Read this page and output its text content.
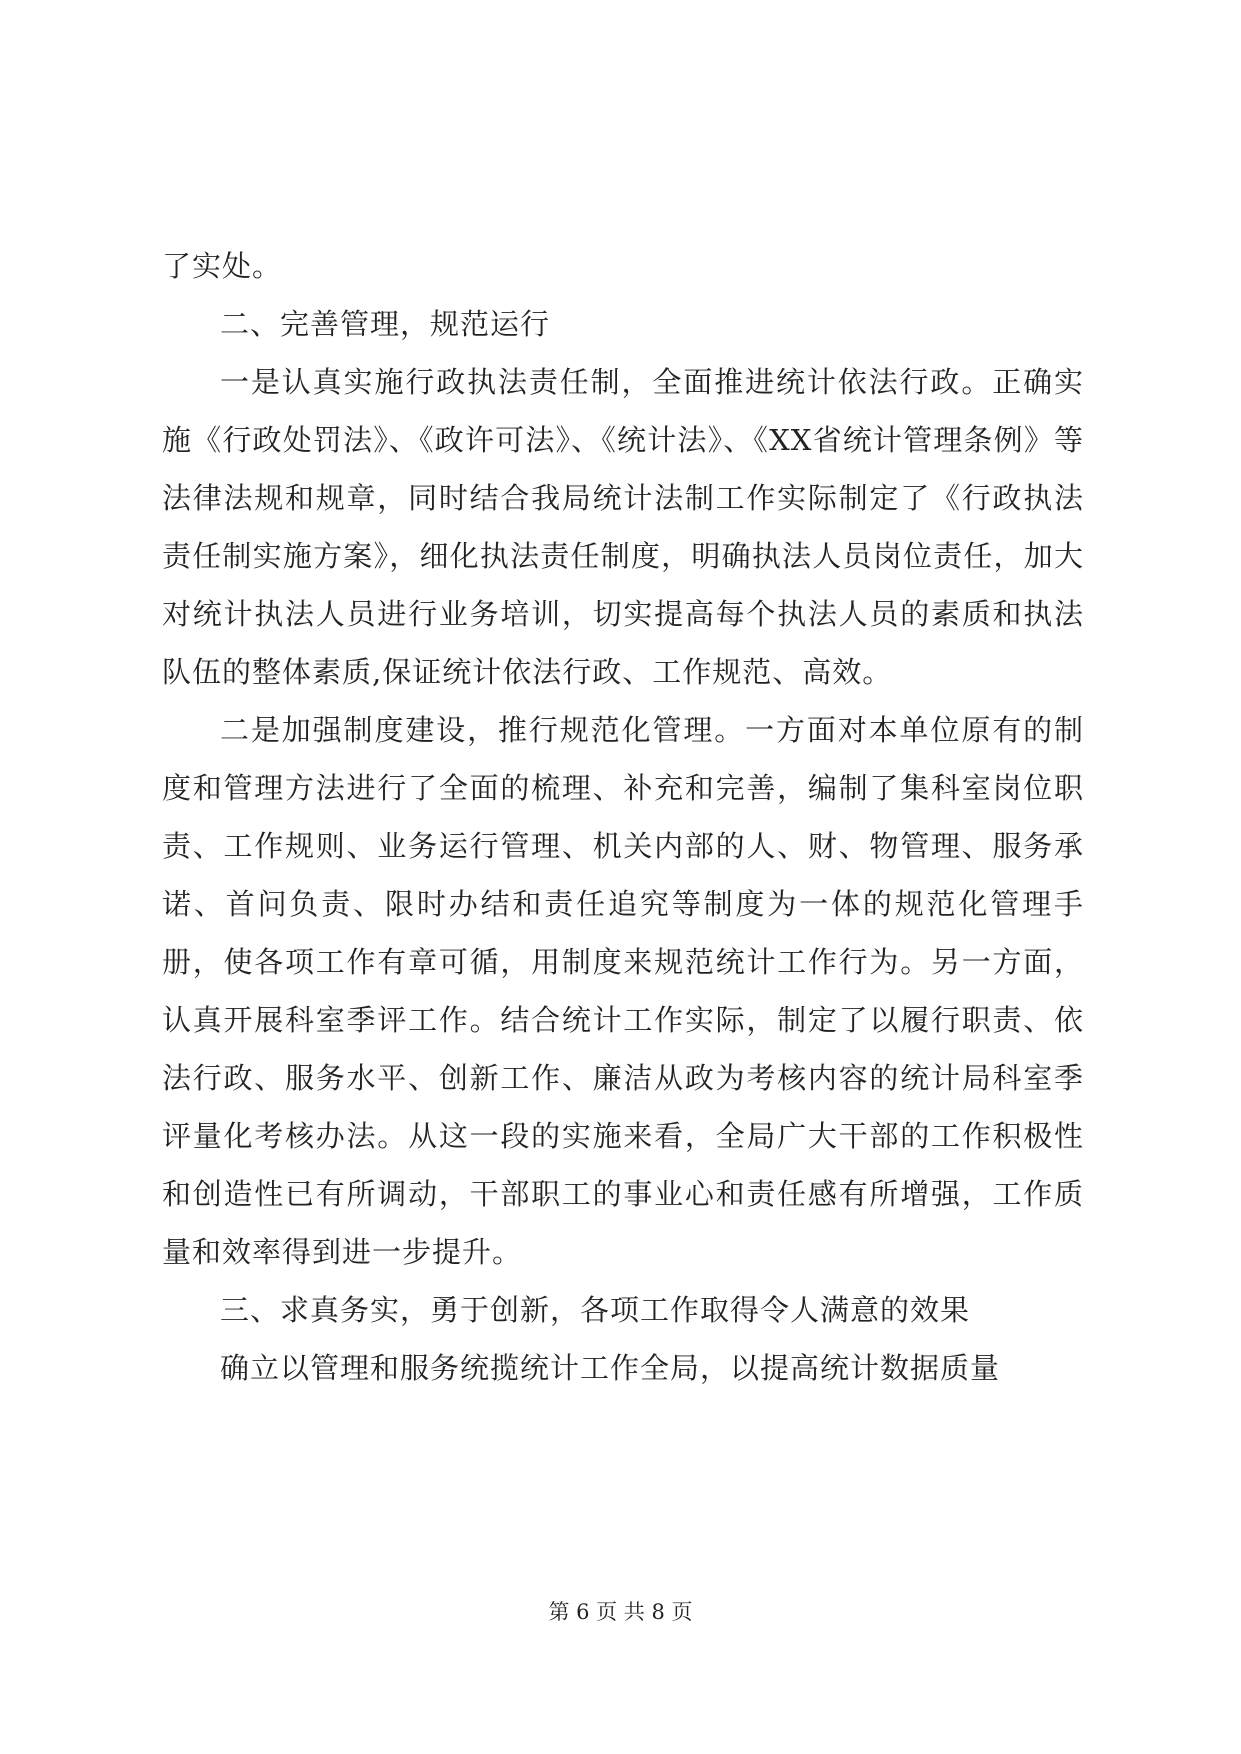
了实处。

二、完善管理，规范运行

一是认真实施行政执法责任制，全面推进统计依法行政。正确实施《行政处罚法》、《政许可法》、《统计法》、《XX省统计管理条例》等法律法规和规章，同时结合我局统计法制工作实际制定了《行政执法责任制实施方案》，细化执法责任制度，明确执法人员岗位责任，加大对统计执法人员进行业务培训，切实提高每个执法人员的素质和执法队伍的整体素质,保证统计依法行政、工作规范、高效。

二是加强制度建设，推行规范化管理。一方面对本单位原有的制度和管理方法进行了全面的梳理、补充和完善，编制了集科室岗位职责、工作规则、业务运行管理、机关内部的人、财、物管理、服务承诺、首问负责、限时办结和责任追究等制度为一体的规范化管理手册，使各项工作有章可循，用制度来规范统计工作行为。另一方面，认真开展科室季评工作。结合统计工作实际，制定了以履行职责、依法行政、服务水平、创新工作、廉洁从政为考核内容的统计局科室季评量化考核办法。从这一段的实施来看，全局广大干部的工作积极性和创造性已有所调动，干部职工的事业心和责任感有所增强，工作质量和效率得到进一步提升。

三、求真务实，勇于创新，各项工作取得令人满意的效果

确立以管理和服务统揽统计工作全局，以提高统计数据质量

第 6 页 共 8 页
